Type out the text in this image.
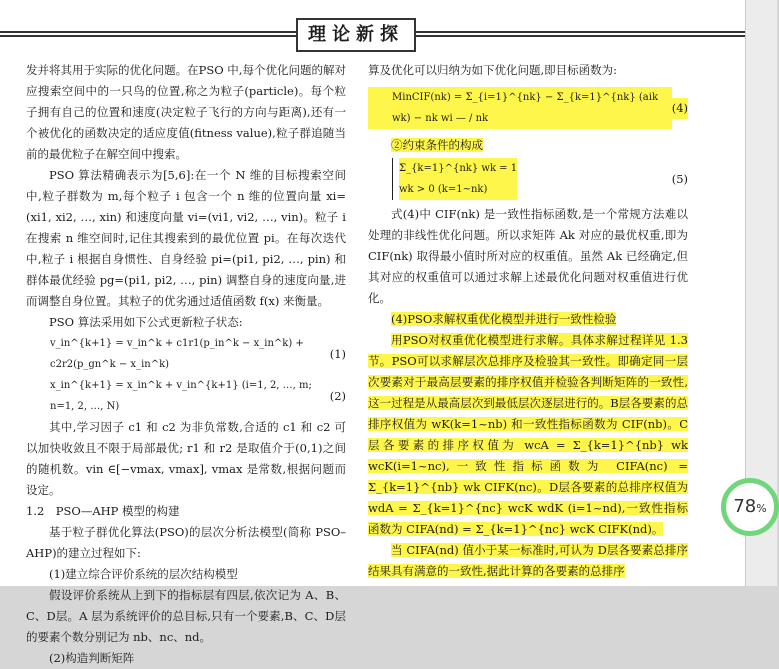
理论新探

发并将其用于实际的优化问题。在PSO 中,每个优化问题的解对应搜索空间中的一只鸟的位置,称之为粒子(particle)。每个粒子拥有自己的位置和速度(决定粒子飞行的方向与距离),还有一个被优化的函数决定的适应度值(fitness value),粒子群追随当前的最优粒子在解空间中搜索。

PSO 算法精确表示为[5,6]:在一个 N 维的目标搜索空间中,粒子群数为 m,每个粒子 i 包含一个 n 维的位置向量 xi=(xi1, xi2, …, xin) 和速度向量 vi=(vi1, vi2, …, vin)。粒子 i 在搜索 n 维空间时,记住其搜索到的最优位置 pi。在每次迭代中,粒子 i 根据自身惯性、自身经验 pi=(pi1, pi2, …, pin) 和群体最优经验 pg=(pi1, pi2, …, pin) 调整自身的速度向量,进而调整自身位置。其粒子的优劣通过适值函数 f(x) 来衡量。

PSO 算法采用如下公式更新粒子状态:

v_in^{k+1} = v_in^k + c1r1(p_in^k − x_in^k) + c2r2(p_gn^k − x_in^k)
(1)
x_in^{k+1} = x_in^k + v_in^{k+1} (i=1, 2, …, m; n=1, 2, …, N)
(2)

其中,学习因子 c1 和 c2 为非负常数,合适的 c1 和 c2 可以加快收敛且不限于局部最优; r1 和 r2 是取值介于(0,1)之间的随机数。vin ∈[−vmax, vmax], vmax 是常数,根据问题而设定。

1.2　PSO—AHP 模型的构建

基于粒子群优化算法(PSO)的层次分析法模型(简称 PSO–AHP)的建立过程如下:

(1)建立综合评价系统的层次结构模型

假设评价系统从上到下的指标层有四层,依次记为 A、B、C、D层。A 层为系统评价的总目标,只有一个要素,B、C、D层的要素个数分别记为 nb、nc、nd。

(2)构造判断矩阵

算及优化可以归纳为如下优化问题,即目标函数为:

MinCIF(nk) = Σ_{i=1}^{nk} − Σ_{k=1}^{nk} (aik wk) − nk wi — / nk
(4)

②约束条件的构成

Σ_{k=1}^{nk} wk = 1
wk > 0 (k=1~nk)
(5)

式(4)中 CIF(nk) 是一致性指标函数,是一个常规方法难以处理的非线性优化问题。所以求矩阵 Ak 对应的最优权重,即为 CIF(nk) 取得最小值时所对应的权重值。虽然 Ak 已经确定,但其对应的权重值可以通过求解上述最优化问题对权重值进行优化。

(4)PSO求解权重优化模型并进行一致性检验

用PSO对权重优化模型进行求解。具体求解过程详见 1.3 节。PSO可以求解层次总排序及检验其一致性。即确定同一层次要素对于最高层要素的排序权值并检验各判断矩阵的一致性,这一过程是从最高层次到最低层次逐层进行的。B层各要素的总排序权值为 wK(k=1~nb) 和一致性指标函数为 CIF(nb)。C层各要素的排序权值为 wcA = Σ_{k=1}^{nb} wk wcK(i=1~nc),一致性指标函数为 CIFA(nc) = Σ_{k=1}^{nb} wk CIFK(nc)。D层各要素的总排序权值为 wdA = Σ_{k=1}^{nc} wcK wdK (i=1~nd),一致性指标函数为 CIFA(nd) = Σ_{k=1}^{nc} wcK CIFK(nd)。

当 CIFA(nd) 值小于某一标准时,可认为 D层各要素总排序结果具有满意的一致性,据此计算的各要素的总排序

78%
